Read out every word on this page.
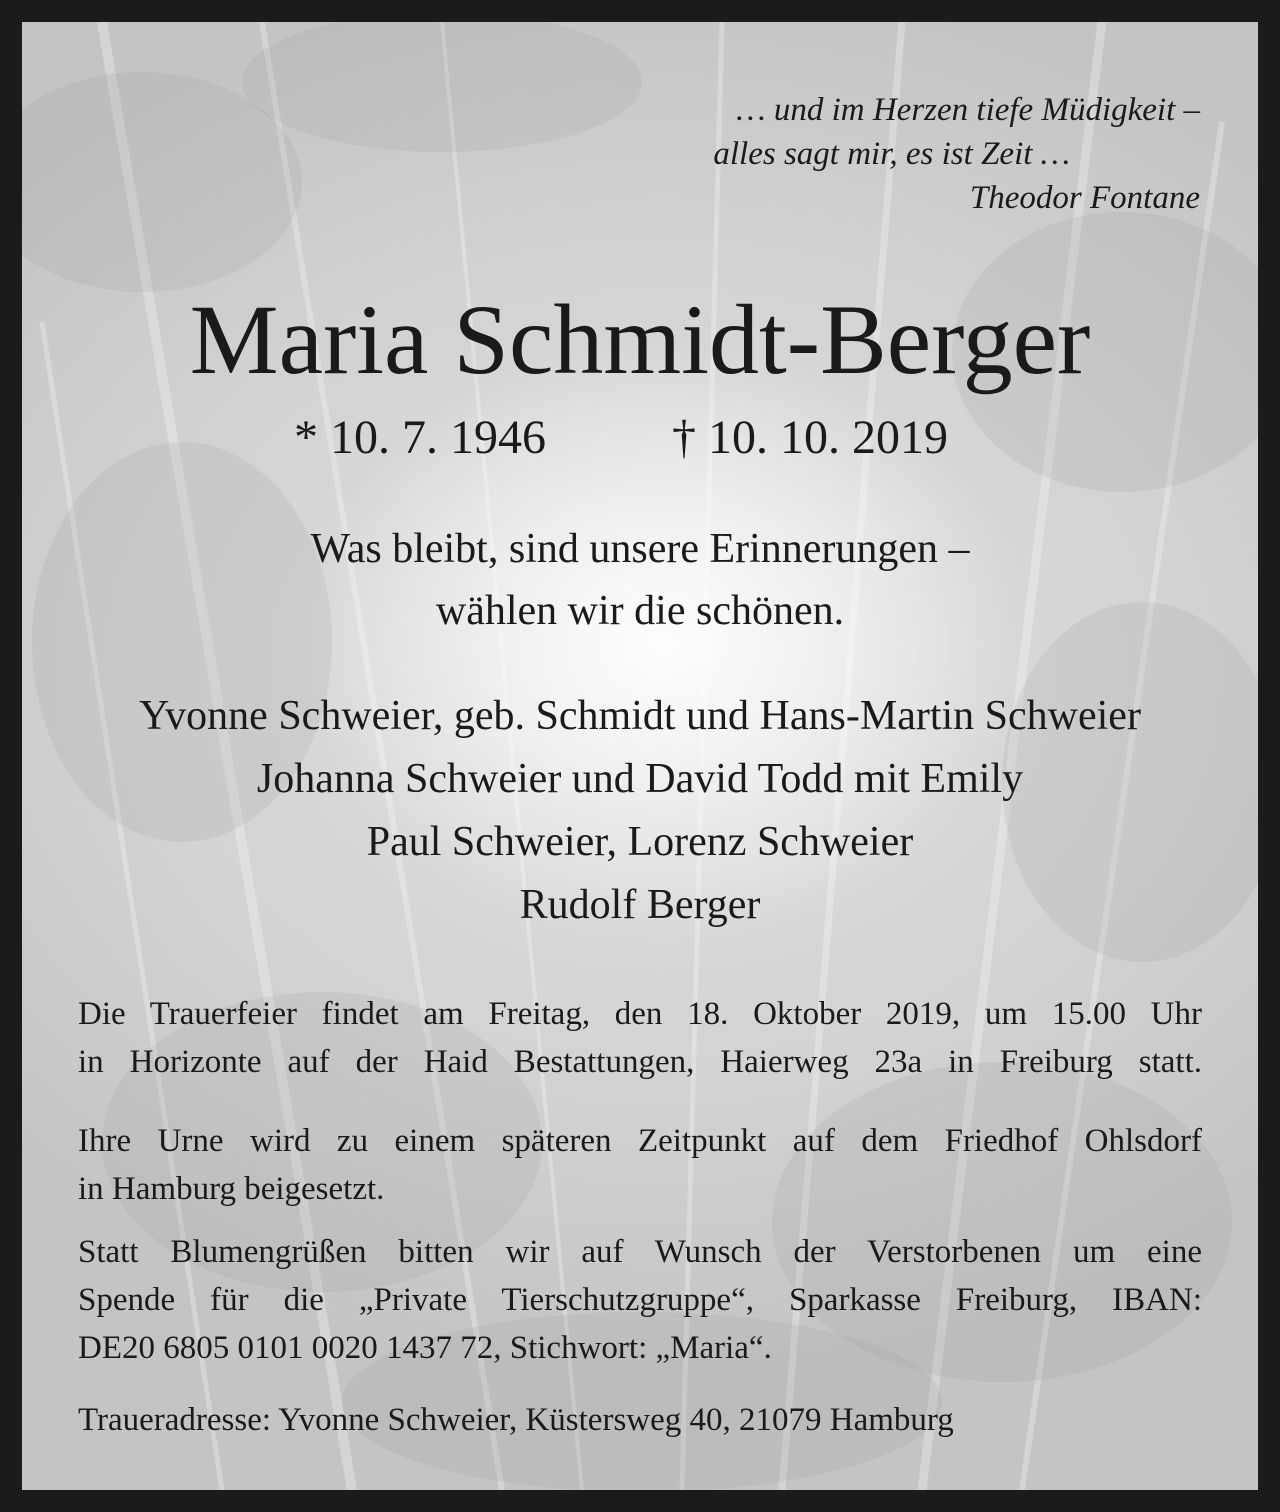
… und im Herzen tiefe Müdigkeit –
alles sagt mir, es ist Zeit …
Theodor Fontane
Maria Schmidt-Berger
* 10. 7. 1946	† 10. 10. 2019
Was bleibt, sind unsere Erinnerungen –
wählen wir die schönen.
Yvonne Schweier, geb. Schmidt und Hans-Martin Schweier
Johanna Schweier und David Todd mit Emily
Paul Schweier, Lorenz Schweier
Rudolf Berger
Die Trauerfeier findet am Freitag, den 18. Oktober 2019, um 15.00 Uhr
in Horizonte auf der Haid Bestattungen, Haierweg 23a in Freiburg statt.
Ihre Urne wird zu einem späteren Zeitpunkt auf dem Friedhof Ohlsdorf
in Hamburg beigesetzt.
Statt Blumengrüßen bitten wir auf Wunsch der Verstorbenen um eine
Spende für die „Private Tierschutzgruppe“, Sparkasse Freiburg, IBAN:
DE20 6805 0101 0020 1437 72, Stichwort: „Maria“.
Traueradresse: Yvonne Schweier, Küstersweg 40, 21079 Hamburg
